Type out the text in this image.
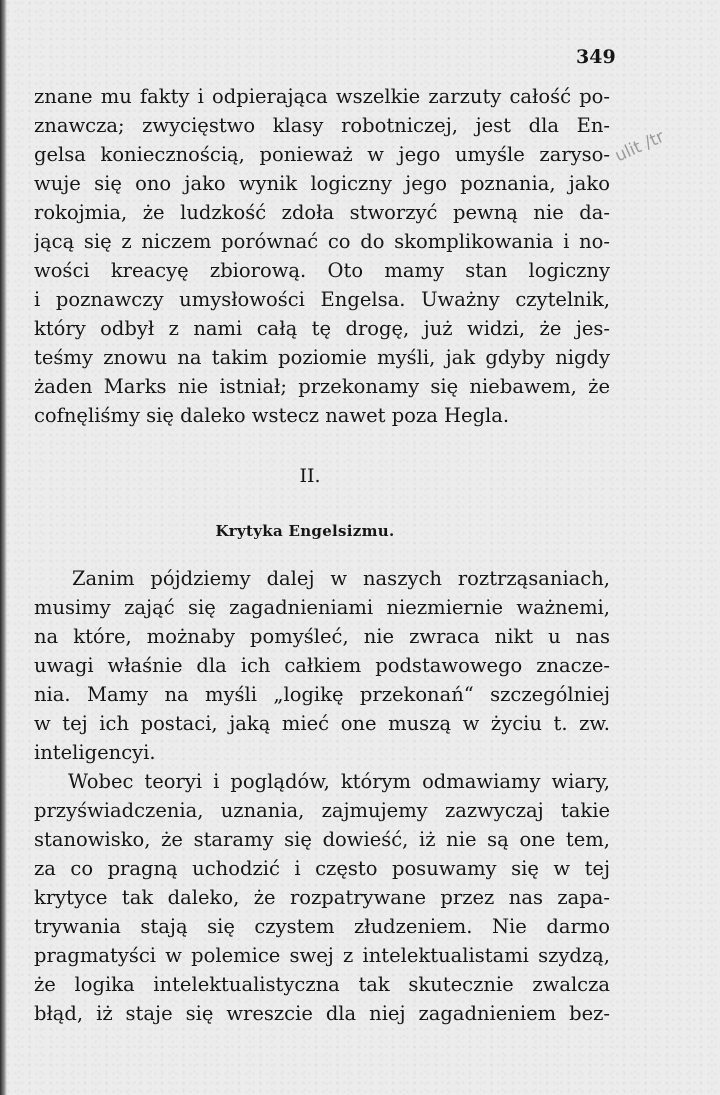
349
ulit /tr
znane mu fakty i odpierająca wszelkie zarzuty całość po-
znawcza; zwycięstwo klasy robotniczej, jest dla En-
gelsa koniecznością, ponieważ w jego umyśle zaryso-
wuje się ono jako wynik logiczny jego poznania, jako
rokojmia, że ludzkość zdoła stworzyć pewną nie da-
jącą się z niczem porównać co do skomplikowania i no-
wości kreacyę zbiorową. Oto mamy stan logiczny
i poznawczy umysłowości Engelsa. Uważny czytelnik,
który odbył z nami całą tę drogę, już widzi, że jes-
teśmy znowu na takim poziomie myśli, jak gdyby nigdy
żaden Marks nie istniał; przekonamy się niebawem, że
cofnęliśmy się daleko wstecz nawet poza Hegla.
II.
Krytyka Engelsizmu.
Zanim pójdziemy dalej w naszych roztrząsaniach,
musimy zająć się zagadnieniami niezmiernie ważnemi,
na które, możnaby pomyśleć, nie zwraca nikt u nas
uwagi właśnie dla ich całkiem podstawowego znacze-
nia. Mamy na myśli „logikę przekonań“ szczególniej
w tej ich postaci, jaką mieć one muszą w życiu t. zw.
inteligencyi.
Wobec teoryi i poglądów, którym odmawiamy wiary,
przyświadczenia, uznania, zajmujemy zazwyczaj takie
stanowisko, że staramy się dowieść, iż nie są one tem,
za co pragną uchodzić i często posuwamy się w tej
krytyce tak daleko, że rozpatrywane przez nas zapa-
trywania stają się czystem złudzeniem. Nie darmo
pragmatyści w polemice swej z intelektualistami szydzą,
że logika intelektualistyczna tak skutecznie zwalcza
błąd, iż staje się wreszcie dla niej zagadnieniem bez-
